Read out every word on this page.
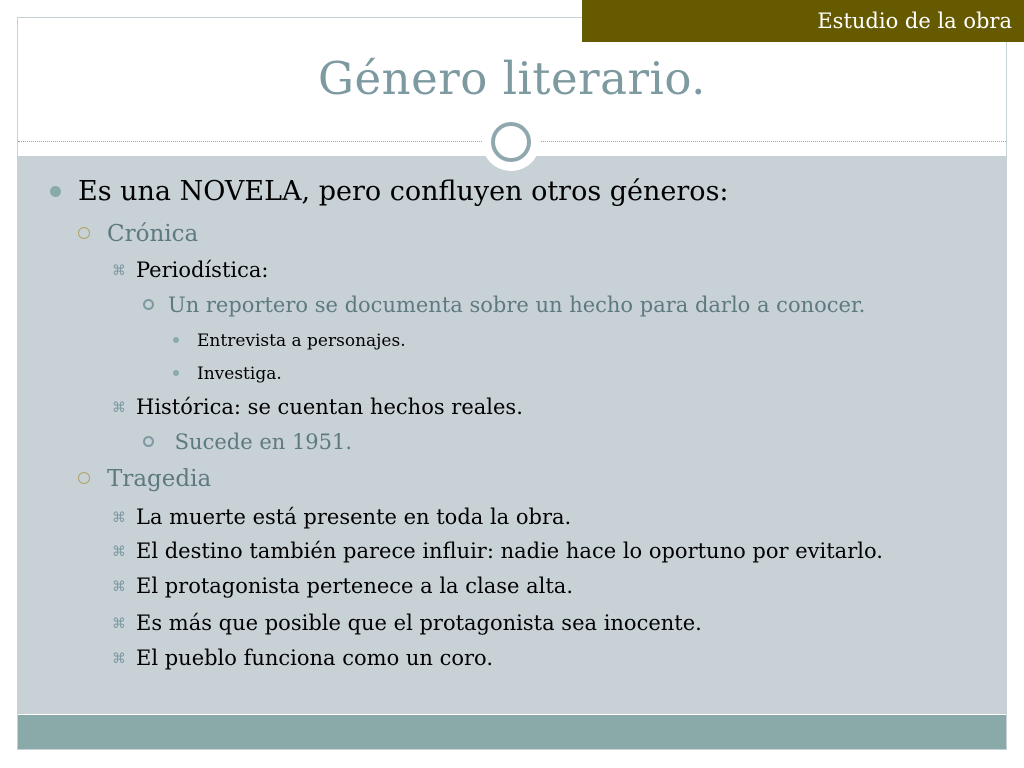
Estudio de la obra
Género literario.
Es una NOVELA, pero confluyen otros géneros:
Crónica
⌘ Periodística:
Un reportero se documenta sobre un hecho para darlo a conocer.
Entrevista a personajes.
Investiga.
⌘ Histórica: se cuentan hechos reales.
Sucede en 1951.
Tragedia
⌘ La muerte está presente en toda la obra.
⌘ El destino también parece influir: nadie hace lo oportuno por evitarlo.
⌘ El protagonista pertenece a la clase alta.
⌘ Es más que posible que el protagonista sea inocente.
⌘ El pueblo funciona como un coro.
